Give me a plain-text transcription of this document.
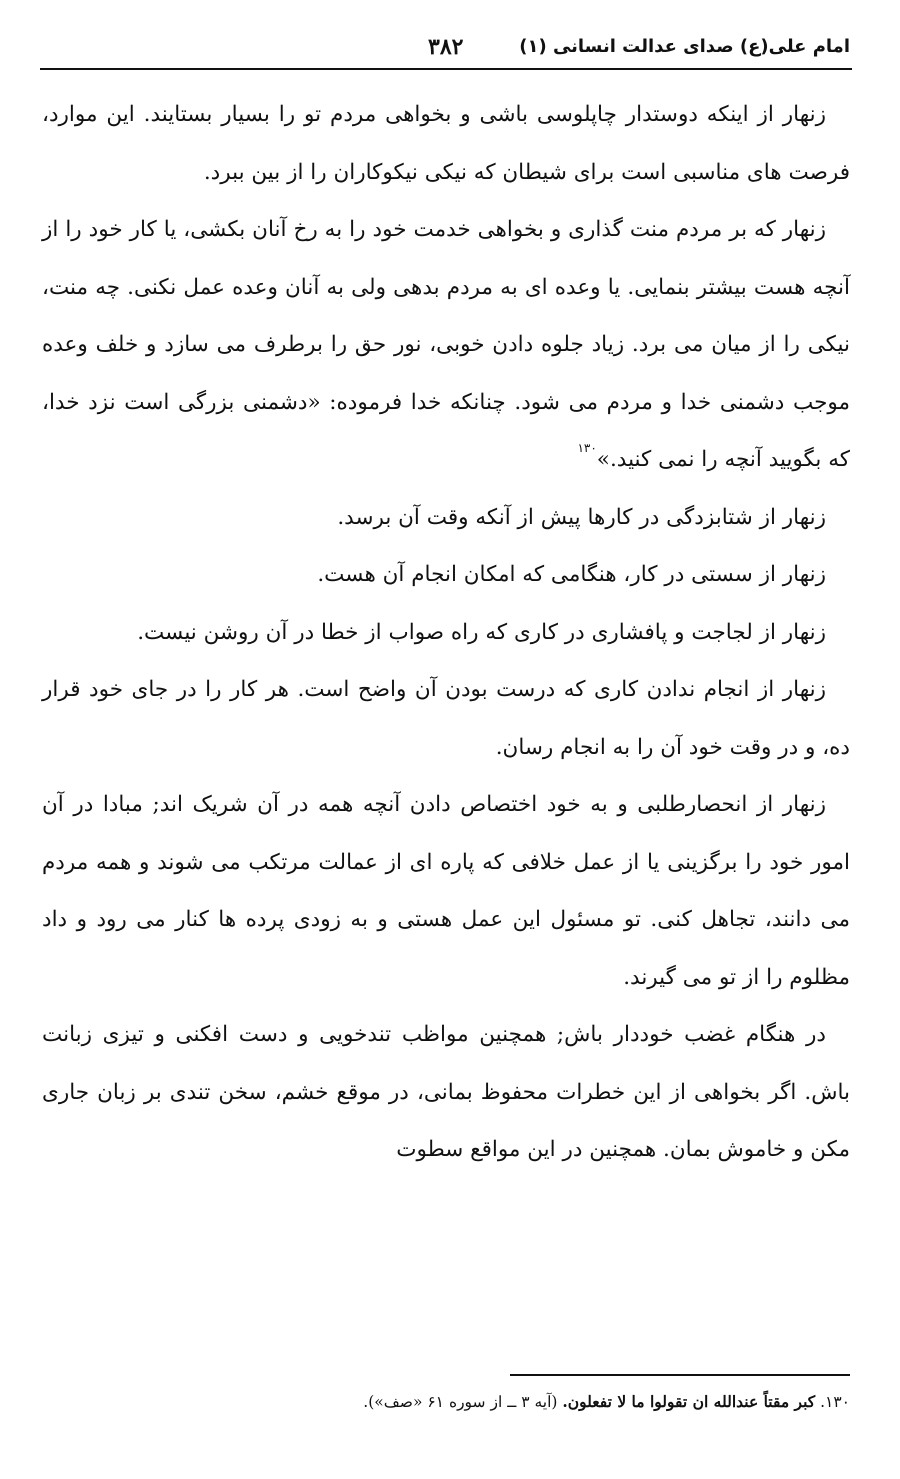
امام علی(ع) صدای عدالت انسانی (۱)
۳۸۲

زنهار از اینکه دوستدار چاپلوسی باشی و بخواهی مردم تو را بسیار بستایند. این موارد، فرصت های مناسبی است برای شیطان که نیکی نیکوکاران را از بین ببرد.

زنهار که بر مردم منت گذاری و بخواهی خدمت خود را به رخ آنان بکشی، یا کار خود را از آنچه هست بیشتر بنمایی. یا وعده ای به مردم بدهی ولی به آنان وعده عمل نکنی. چه منت، نیکی را از میان می برد. زیاد جلوه دادن خوبی، نور حق را برطرف می سازد و خلف وعده موجب دشمنی خدا و مردم می شود. چنانکه خدا فرموده: «دشمنی بزرگی است نزد خدا، که بگویید آنچه را نمی کنید.»$^{۱۳۰}$

زنهار از شتابزدگی در کارها پیش از آنکه وقت آن برسد.

زنهار از سستی در کار، هنگامی که امکان انجام آن هست.

زنهار از لجاجت و پافشاری در کاری که راه صواب از خطا در آن روشن نیست.

زنهار از انجام ندادن کاری که درست بودن آن واضح است. هر کار را در جای خود قرار ده، و در وقت خود آن را به انجام رسان.

زنهار از انحصارطلبی و به خود اختصاص دادن آنچه همه در آن شریک اند; مبادا در آن امور خود را برگزینی یا از عمل خلافی که پاره ای از عمالت مرتکب می شوند و همه مردم می دانند، تجاهل کنی. تو مسئول این عمل هستی و به زودی پرده ها کنار می رود و داد مظلوم را از تو می گیرند.

در هنگام غضب خوددار باش; همچنین مواظب تندخویی و دست افکنی و تیزی زبانت باش. اگر بخواهی از این خطرات محفوظ بمانی، در موقع خشم، سخن تندی بر زبان جاری مکن و خاموش بمان. همچنین در این مواقع سطوت

۱۳۰. کبر مقتاً عندالله ان تقولوا ما لا تفعلون. (آیه ۳ ــ از سوره ۶۱ «صف»).
